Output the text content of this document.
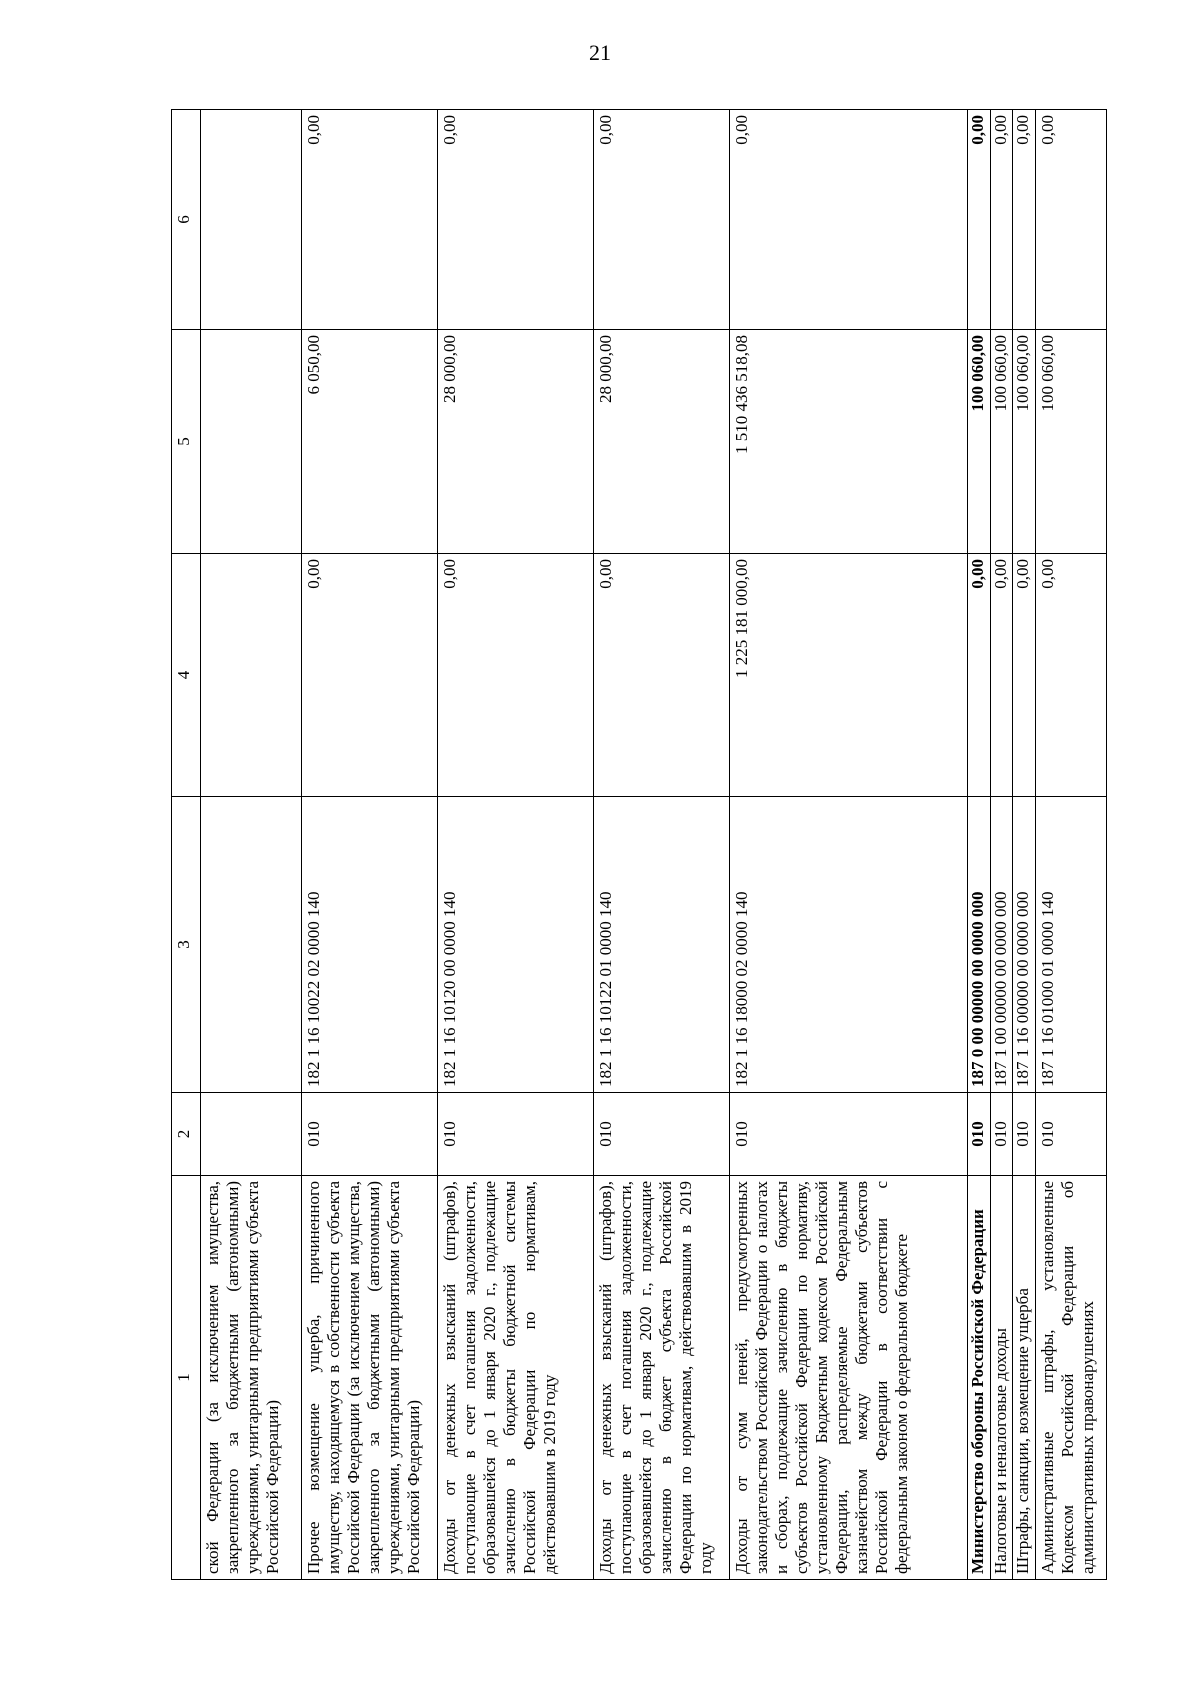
21
1	2	3	4	5	6
ской Федерации (за исключением имущества, закрепленного за бюджетными (автономными) учреждениями, унитарными предприятиями субъекта Российской Федерации)					
Прочее возмещение ущерба, причиненного имуществу, находящемуся в собственности субъекта Российской Федерации (за исключением имущества, закрепленного за бюджетными (автономными) учреждениями, унитарными предприятиями субъекта Российской Федерации)	010	182 1 16 10022 02 0000 140	0,00	6 050,00	0,00
Доходы от денежных взысканий (штрафов), поступающие в счет погашения задолженности, образовавшейся до 1 января 2020 г., подлежащие зачислению в бюджеты бюджетной системы Российской Федерации по нормативам, действовавшим в 2019 году	010	182 1 16 10120 00 0000 140	0,00	28 000,00	0,00
Доходы от денежных взысканий (штрафов), поступающие в счет погашения задолженности, образовавшейся до 1 января 2020 г., подлежащие зачислению в бюджет субъекта Российской Федерации по нормативам, действовавшим в 2019 году	010	182 1 16 10122 01 0000 140	0,00	28 000,00	0,00
Доходы от сумм пеней, предусмотренных законодательством Российской Федерации о налогах и сборах, подлежащие зачислению в бюджеты субъектов Российской Федерации по нормативу, установленному Бюджетным кодексом Российской Федерации, распределяемые Федеральным казначейством между бюджетами субъектов Российской Федерации в соответствии с федеральным законом о федеральном бюджете	010	182 1 16 18000 02 0000 140	1 225 181 000,00	1 510 436 518,08	0,00
Министерство обороны Российской Федерации	010	187 0 00 00000 00 0000 000	0,00	100 060,00	0,00
Налоговые и неналоговые доходы	010	187 1 00 00000 00 0000 000	0,00	100 060,00	0,00
Штрафы, санкции, возмещение ущерба	010	187 1 16 00000 00 0000 000	0,00	100 060,00	0,00
Административные штрафы, установленные Кодексом Российской Федерации об административных правонарушениях	010	187 1 16 01000 01 0000 140	0,00	100 060,00	0,00
